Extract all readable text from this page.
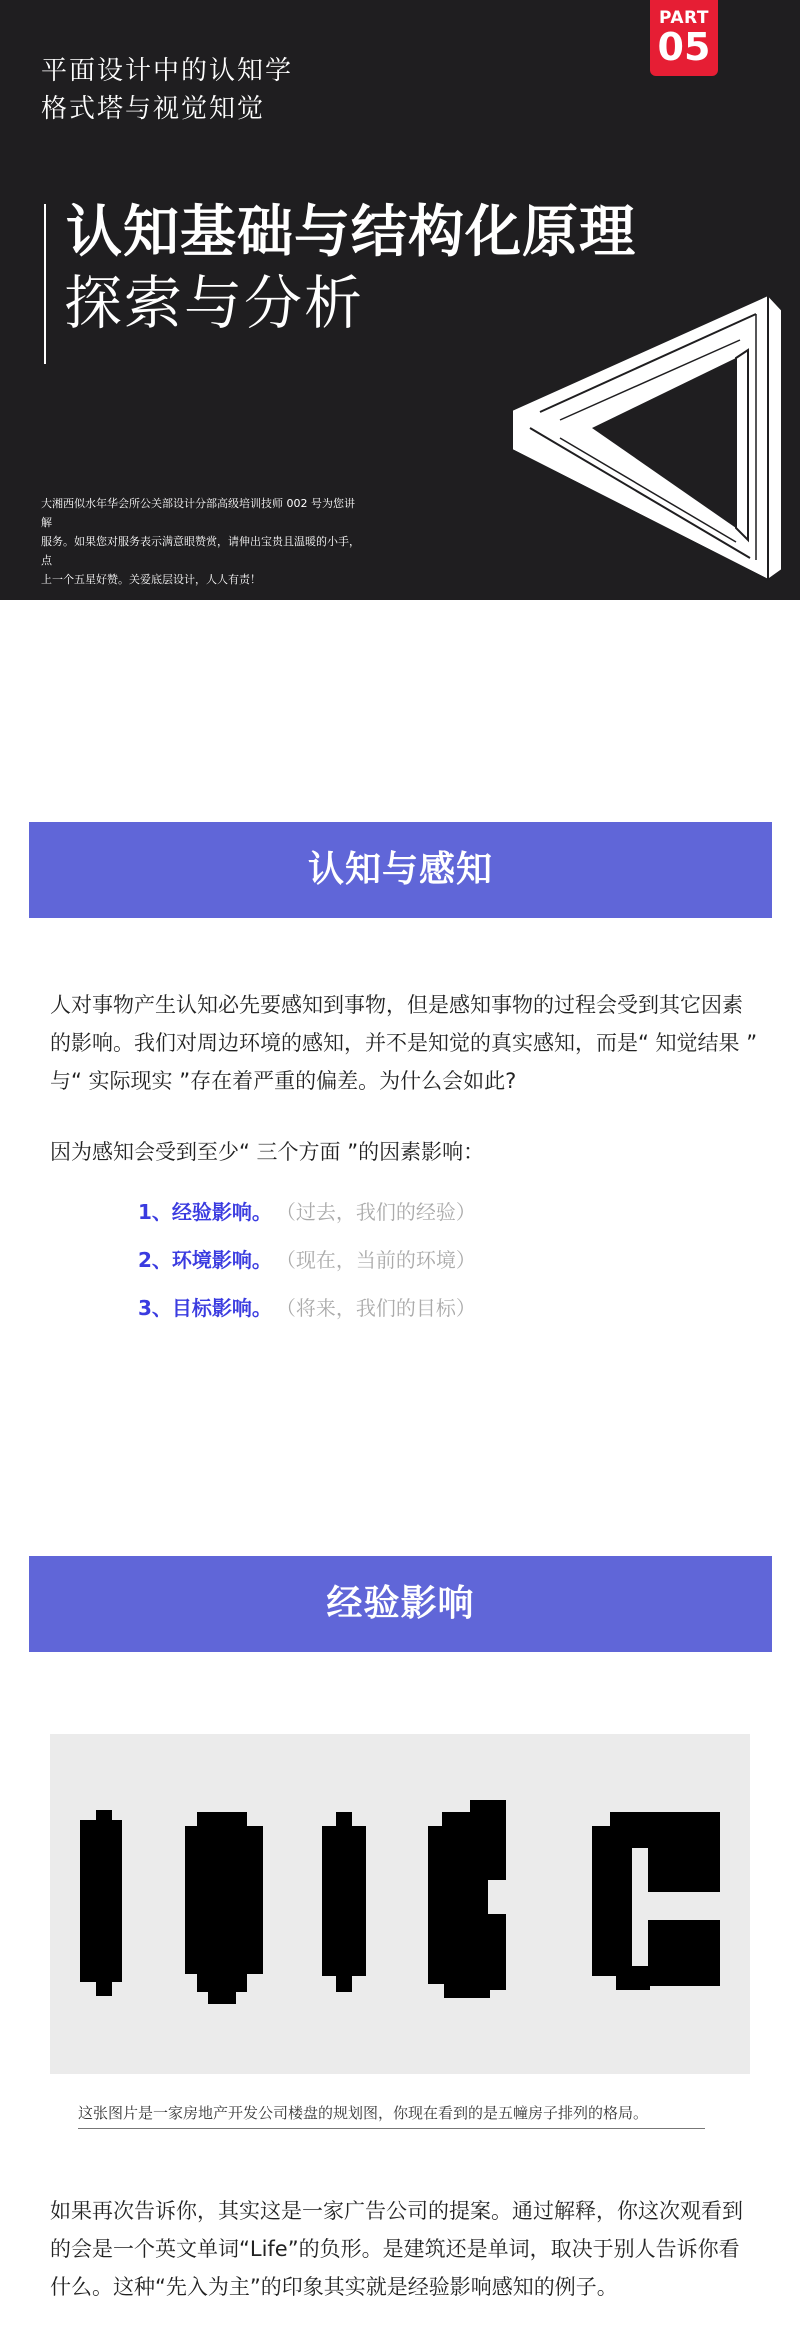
PART
05
平面设计中的认知学
格式塔与视觉知觉
认知基础与结构化原理
探索与分析
大湘西似水年华会所公关部设计分部高级培训技师 002 号为您讲解
服务。如果您对服务表示满意眼赞赏，请伸出宝贵且温暖的小手，点
上一个五星好赞。关爱底层设计，人人有责！
认知与感知
人对事物产生认知必先要感知到事物，但是感知事物的过程会受到其它因素
的影响。我们对周边环境的感知，并不是知觉的真实感知，而是“ 知觉结果 ”
与“ 实际现实 ”存在着严重的偏差。为什么会如此?
因为感知会受到至少“ 三个方面 ”的因素影响：
1、经验影响。 （过去，我们的经验）
2、环境影响。 （现在，当前的环境）
3、目标影响。 （将来，我们的目标）
经验影响
这张图片是一家房地产开发公司楼盘的规划图，你现在看到的是五幢房子排列的格局。
如果再次告诉你，其实这是一家广告公司的提案。通过解释，你这次观看到
的会是一个英文单词“Life”的负形。是建筑还是单词，取决于别人告诉你看
什么。这种“先入为主”的印象其实就是经验影响感知的例子。
